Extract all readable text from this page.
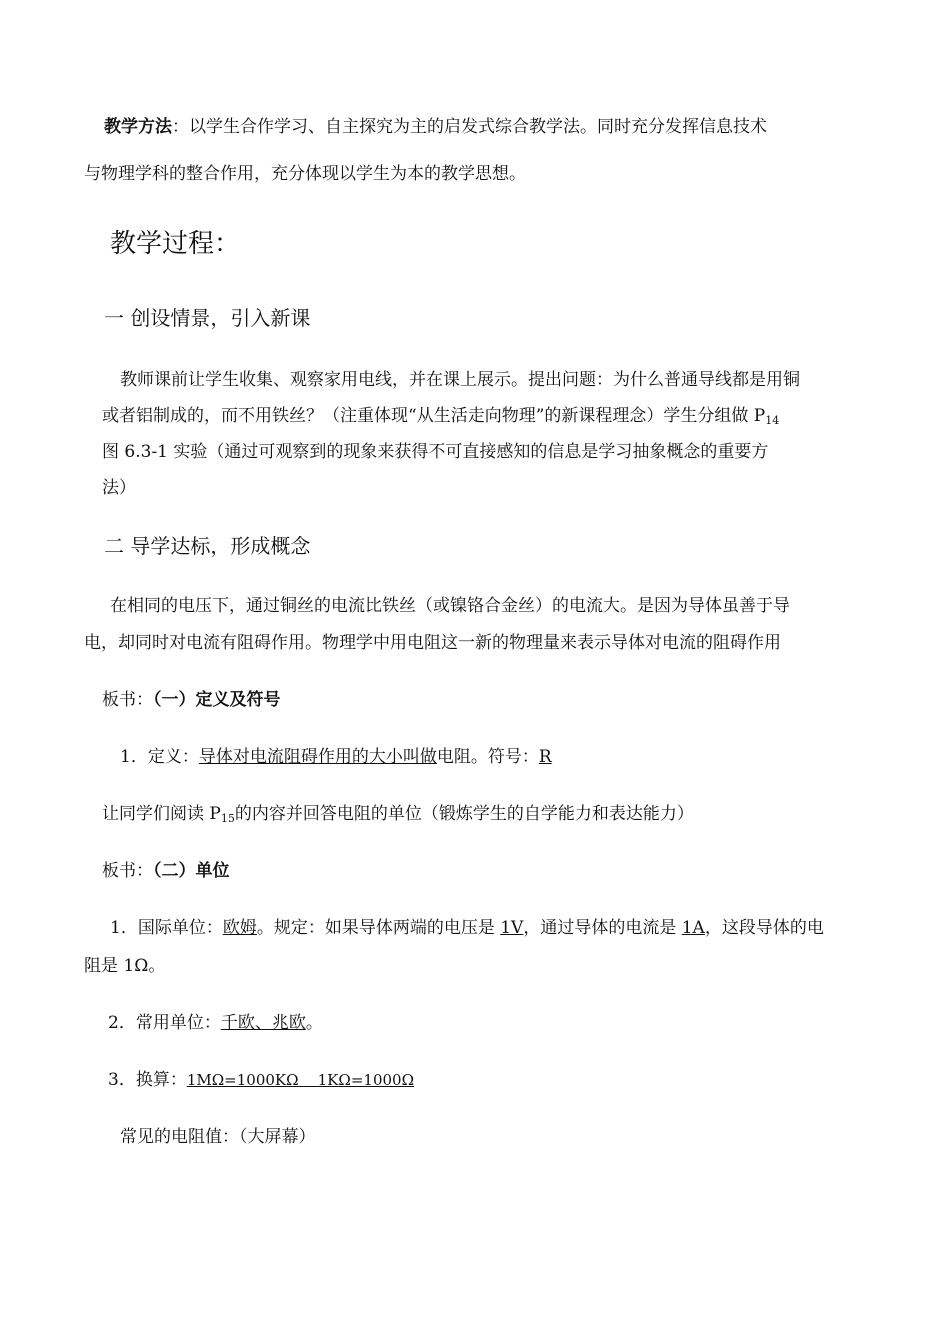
教学方法：以学生合作学习、自主探究为主的启发式综合教学法。同时充分发挥信息技术
与物理学科的整合作用，充分体现以学生为本的教学思想。
教学过程：
一 创设情景，引入新课
教师课前让学生收集、观察家用电线，并在课上展示。提出问题：为什么普通导线都是用铜
或者铝制成的，而不用铁丝？（注重体现“从生活走向物理”的新课程理念）学生分组做 $P_{14}$
图 6.3-1 实验（通过可观察到的现象来获得不可直接感知的信息是学习抽象概念的重要方
法）
二 导学达标，形成概念
在相同的电压下，通过铜丝的电流比铁丝（或镍铬合金丝）的电流大。是因为导体虽善于导
电，却同时对电流有阻碍作用。物理学中用电阻这一新的物理量来表示导体对电流的阻碍作用
板书：（一）定义及符号
1．定义：导体对电流阻碍作用的大小叫做电阻。符号：R
让同学们阅读 $P_{15}$的内容并回答电阻的单位（锻炼学生的自学能力和表达能力）
板书：（二）单位
1．国际单位：欧姆。规定：如果导体两端的电压是 1V，通过导体的电流是 1A，这段导体的电
阻是 1Ω。
2．常用单位：千欧、兆欧。
3．换算：1MΩ=1000KΩ 1KΩ=1000Ω
常见的电阻值：（大屏幕）
